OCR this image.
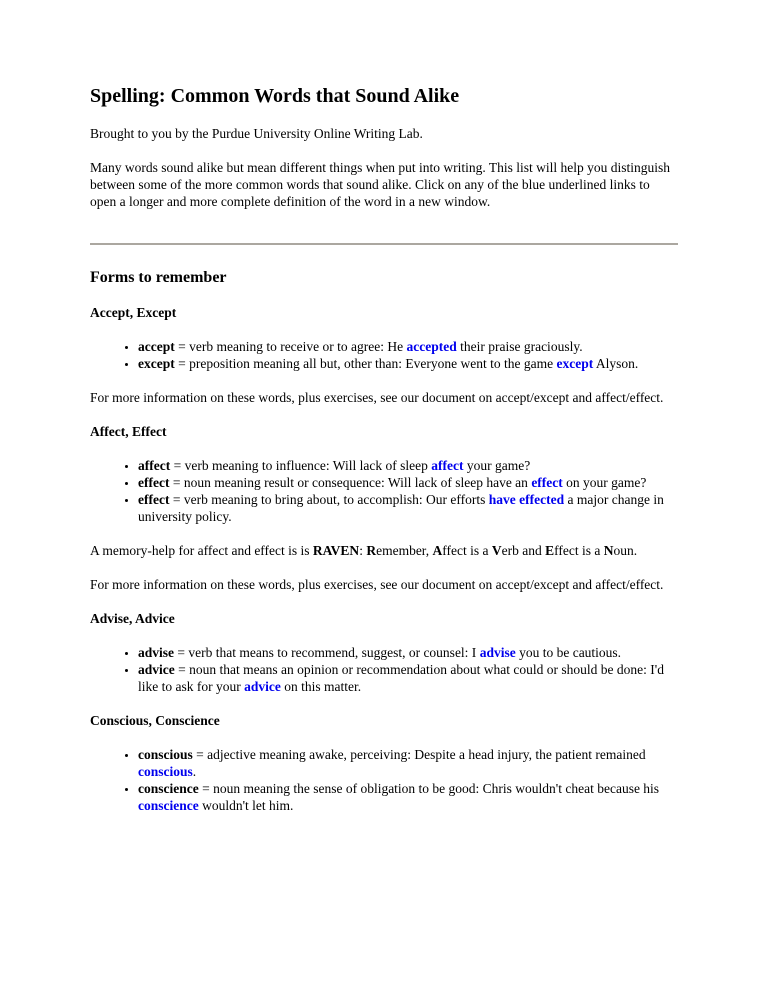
Spelling: Common Words that Sound Alike

Brought to you by the Purdue University Online Writing Lab.

Many words sound alike but mean different things when put into writing. This list will help you distinguish between some of the more common words that sound alike. Click on any of the blue underlined links to open a longer and more complete definition of the word in a new window.

Forms to remember
Accept, Except
• accept = verb meaning to receive or to agree: He accepted their praise graciously.
• except = preposition meaning all but, other than: Everyone went to the game except Alyson.

For more information on these words, plus exercises, see our document on accept/except and affect/effect.

Affect, Effect
• affect = verb meaning to influence: Will lack of sleep affect your game?
• effect = noun meaning result or consequence: Will lack of sleep have an effect on your game?
• effect = verb meaning to bring about, to accomplish: Our efforts have effected a major change in university policy.

A memory-help for affect and effect is is RAVEN: Remember, Affect is a Verb and Effect is a Noun.

For more information on these words, plus exercises, see our document on accept/except and affect/effect.

Advise, Advice
• advise = verb that means to recommend, suggest, or counsel: I advise you to be cautious.
• advice = noun that means an opinion or recommendation about what could or should be done: I'd like to ask for your advice on this matter.
Conscious, Conscience
• conscious = adjective meaning awake, perceiving: Despite a head injury, the patient remained conscious.
• conscience = noun meaning the sense of obligation to be good: Chris wouldn't cheat because his conscience wouldn't let him.
